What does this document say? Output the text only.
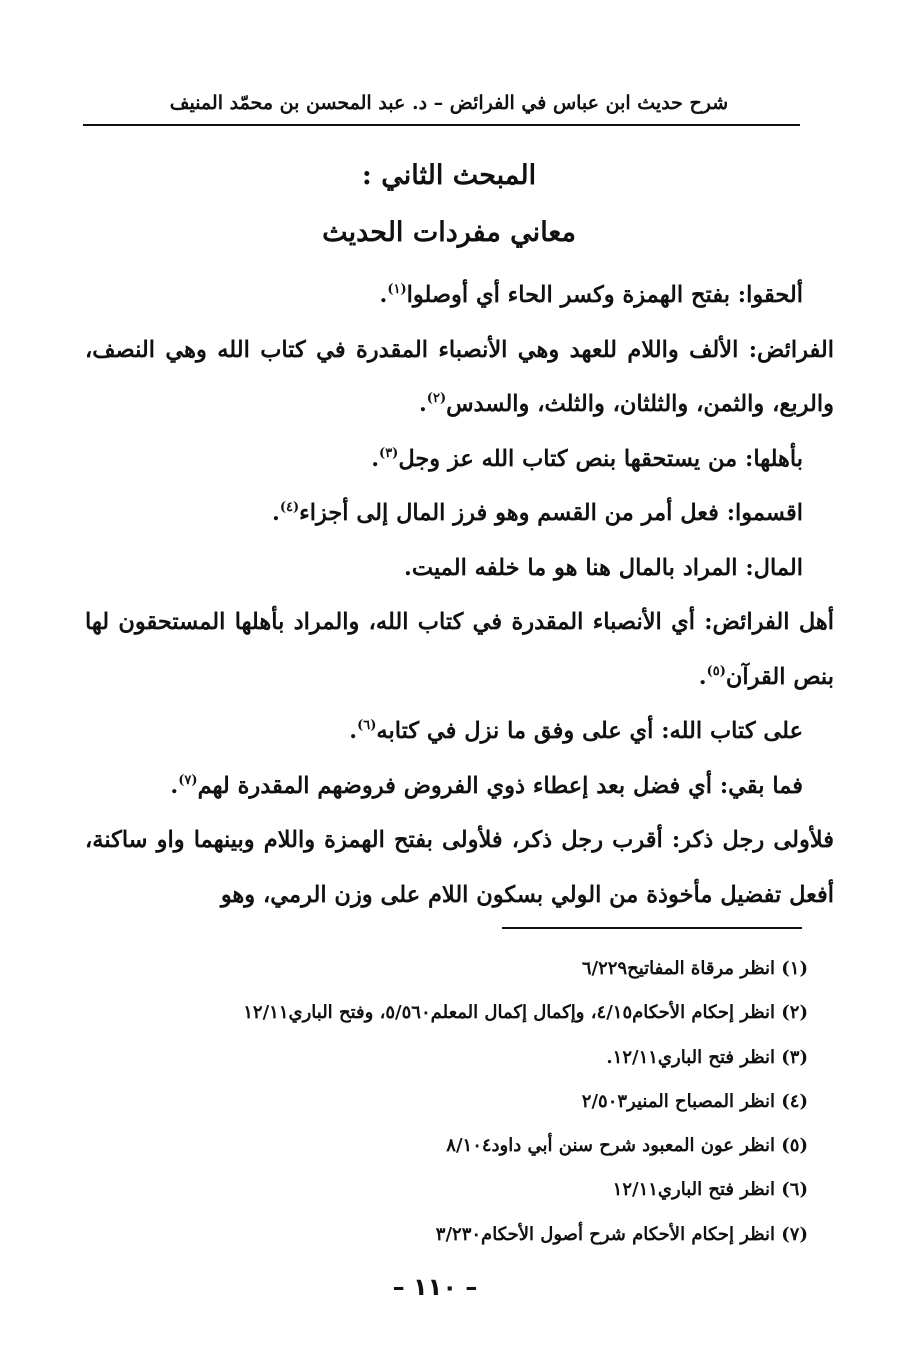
شرح حديث ابن عباس في الفرائض – د. عبد المحسن بن محمّد المنيف
المبحث الثاني :
معاني مفردات الحديث

ألحقوا: بفتح الهمزة وكسر الحاء أي أوصلوا$^{(١)}$.

الفرائض: الألف واللام للعهد وهي الأنصباء المقدرة في كتاب الله وهي النصف، والربع، والثمن، والثلثان، والثلث، والسدس$^{(٢)}$.

بأهلها: من يستحقها بنص كتاب الله عز وجل$^{(٣)}$.

اقسموا: فعل أمر من القسم وهو فرز المال إلى أجزاء$^{(٤)}$.

المال: المراد بالمال هنا هو ما خلفه الميت.

أهل الفرائض: أي الأنصباء المقدرة في كتاب الله، والمراد بأهلها المستحقون لها بنص القرآن$^{(٥)}$.

على كتاب الله: أي على وفق ما نزل في كتابه$^{(٦)}$.

فما بقي: أي فضل بعد إعطاء ذوي الفروض فروضهم المقدرة لهم$^{(٧)}$.

فلأولى رجل ذكر: أقرب رجل ذكر، فلأولى بفتح الهمزة واللام وبينهما واو ساكنة، أفعل تفضيل مأخوذة من الولي بسكون اللام على وزن الرمي، وهو

(١) انظر مرقاة المفاتيح٦/٢٢٩

(٢) انظر إحكام الأحكام٤/١٥، وإكمال إكمال المعلم٥/٥٦٠، وفتح الباري١٢/١١

(٣) انظر فتح الباري١٢/١١.

(٤) انظر المصباح المنير٢/٥٠٣

(٥) انظر عون المعبود شرح سنن أبي داود٨/١٠٤

(٦) انظر فتح الباري١٢/١١

(٧) انظر إحكام الأحكام شرح أصول الأحكام٣/٢٣٠

– ١١٠ –
